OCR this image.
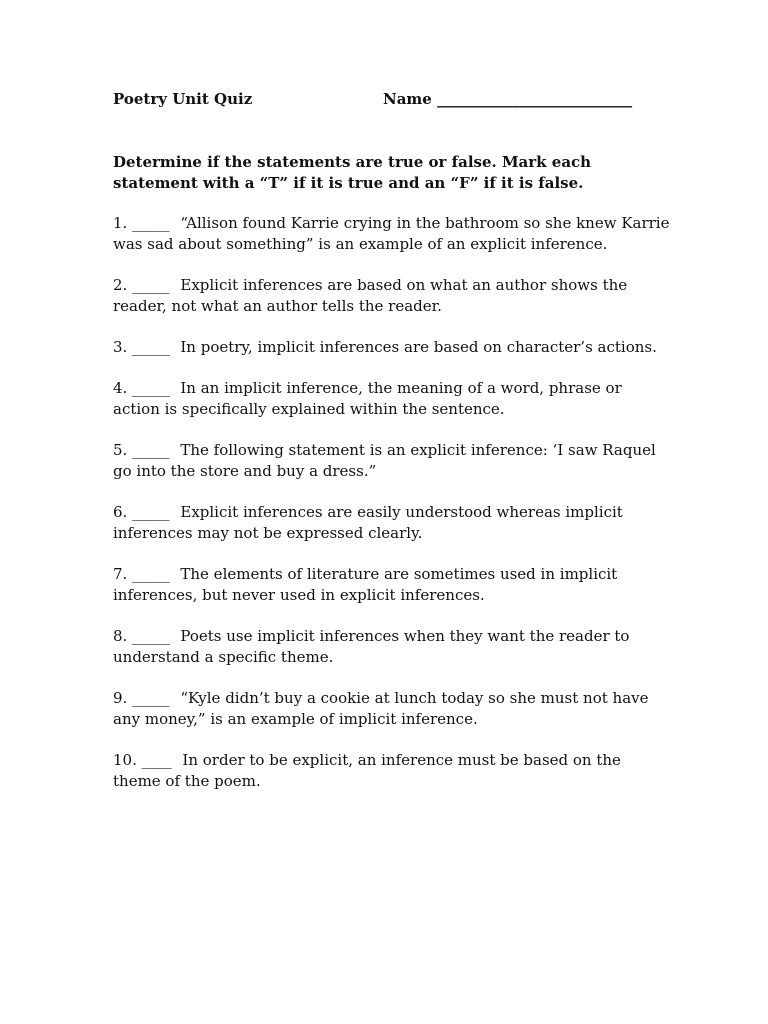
Poetry Unit Quiz	Name __________________________
Determine if the statements are true or false. Mark each statement with a “T” if it is true and an “F” if it is false.
1. _____ “Allison found Karrie crying in the bathroom so she knew Karrie was sad about something” is an example of an explicit inference.
2. _____ Explicit inferences are based on what an author shows the reader, not what an author tells the reader.
3. _____ In poetry, implicit inferences are based on character’s actions.
4. _____ In an implicit inference, the meaning of a word, phrase or action is specifically explained within the sentence.
5. _____ The following statement is an explicit inference: ‘I saw Raquel go into the store and buy a dress.”
6. _____ Explicit inferences are easily understood whereas implicit inferences may not be expressed clearly.
7. _____ The elements of literature are sometimes used in implicit inferences, but never used in explicit inferences.
8. _____ Poets use implicit inferences when they want the reader to understand a specific theme.
9. _____ “Kyle didn’t buy a cookie at lunch today so she must not have any money,” is an example of implicit inference.
10. ____ In order to be explicit, an inference must be based on the theme of the poem.
